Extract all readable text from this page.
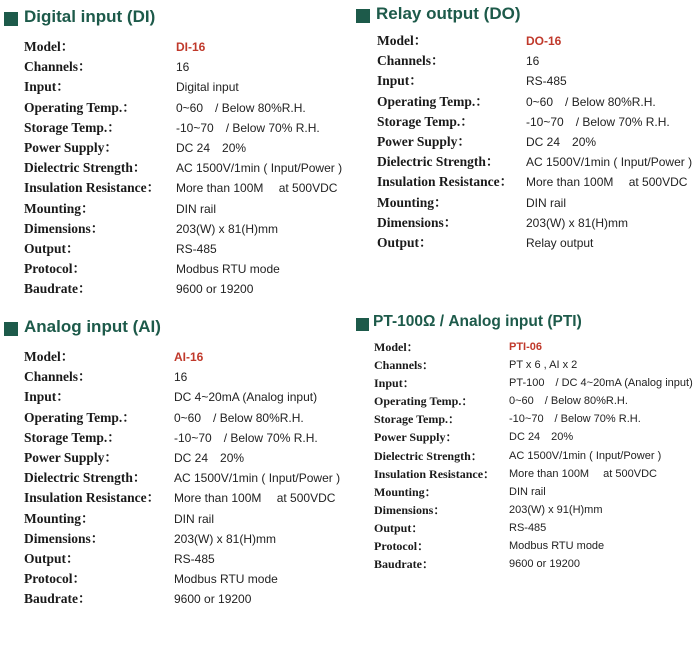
Digital input (DI)
Model：	DI-16
Channels：	16
Input：	Digital input
Operating Temp.：	0~60　/ Below 80%R.H.
Storage Temp.：	-10~70　/ Below 70% R.H.
Power Supply：	DC 24　20%
Dielectric Strength： AC 1500V/1min ( Input/Power )
Insulation Resistance： More than 100M　 at 500VDC
Mounting：	DIN rail
Dimensions：	203(W) x 81(H)mm
Output：	RS-485
Protocol：	Modbus RTU mode
Baudrate：	9600 or 19200
Relay output (DO)
Model：	DO-16
Channels：	16
Input：	RS-485
Operating Temp.：	0~60　/ Below 80%R.H.
Storage Temp.：	-10~70　/ Below 70% R.H.
Power Supply：	DC 24　20%
Dielectric Strength： AC 1500V/1min ( Input/Power )
Insulation Resistance： More than 100M　 at 500VDC
Mounting：	DIN rail
Dimensions：	203(W) x 81(H)mm
Output：	Relay output
Analog input (AI)
Model：	AI-16
Channels：	16
Input：	DC 4~20mA (Analog input)
Operating Temp.：	0~60　/ Below 80%R.H.
Storage Temp.：	-10~70　/ Below 70% R.H.
Power Supply：	DC 24　20%
Dielectric Strength： AC 1500V/1min ( Input/Power )
Insulation Resistance： More than 100M　 at 500VDC
Mounting：	DIN rail
Dimensions：	203(W) x 81(H)mm
Output：	RS-485
Protocol：	Modbus RTU mode
Baudrate：	9600 or 19200
PT-100Ω / Analog input (PTI)
Model：	PTI-06
Channels：	PT x 6 , AI x 2
Input：	PT-100　/ DC 4~20mA (Analog input)
Operating Temp.：	0~60　/ Below 80%R.H.
Storage Temp.：	-10~70　/ Below 70% R.H.
Power Supply：	DC 24　20%
Dielectric Strength： AC 1500V/1min ( Input/Power )
Insulation Resistance： More than 100M　 at 500VDC
Mounting：	DIN rail
Dimensions：	203(W) x 91(H)mm
Output：	RS-485
Protocol：	Modbus RTU mode
Baudrate：	9600 or 19200
